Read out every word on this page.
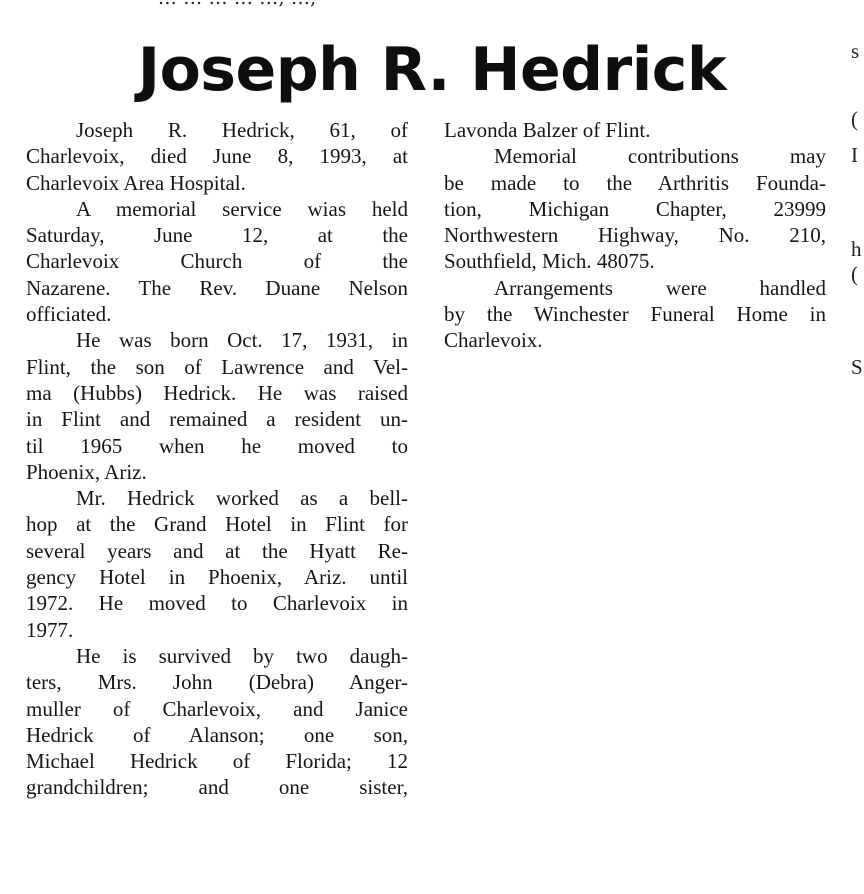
Joseph R. Hedrick

Joseph R. Hedrick, 61, of
Charlevoix, died June 8, 1993, at
Charlevoix Area Hospital.

A memorial service wias held
Saturday, June 12, at the
Charlevoix Church of the
Nazarene. The Rev. Duane Nelson
officiated.

He was born Oct. 17, 1931, in
Flint, the son of Lawrence and Vel-
ma (Hubbs) Hedrick. He was raised
in Flint and remained a resident un-
til 1965 when he moved to
Phoenix, Ariz.

Mr. Hedrick worked as a bell-
hop at the Grand Hotel in Flint for
several years and at the Hyatt Re-
gency Hotel in Phoenix, Ariz. until
1972. He moved to Charlevoix in
1977.

He is survived by two daugh-
ters, Mrs. John (Debra) Anger-
muller of Charlevoix, and Janice
Hedrick of Alanson; one son,
Michael Hedrick of Florida; 12
grandchildren; and one sister,

Lavonda Balzer of Flint.

Memorial contributions may
be made to the Arthritis Founda-
tion, Michigan Chapter, 23999
Northwestern Highway, No. 210,
Southfield, Mich. 48075.

Arrangements were handled
by the Winchester Funeral Home in
Charlevoix.

s
(
I
h
(
S
